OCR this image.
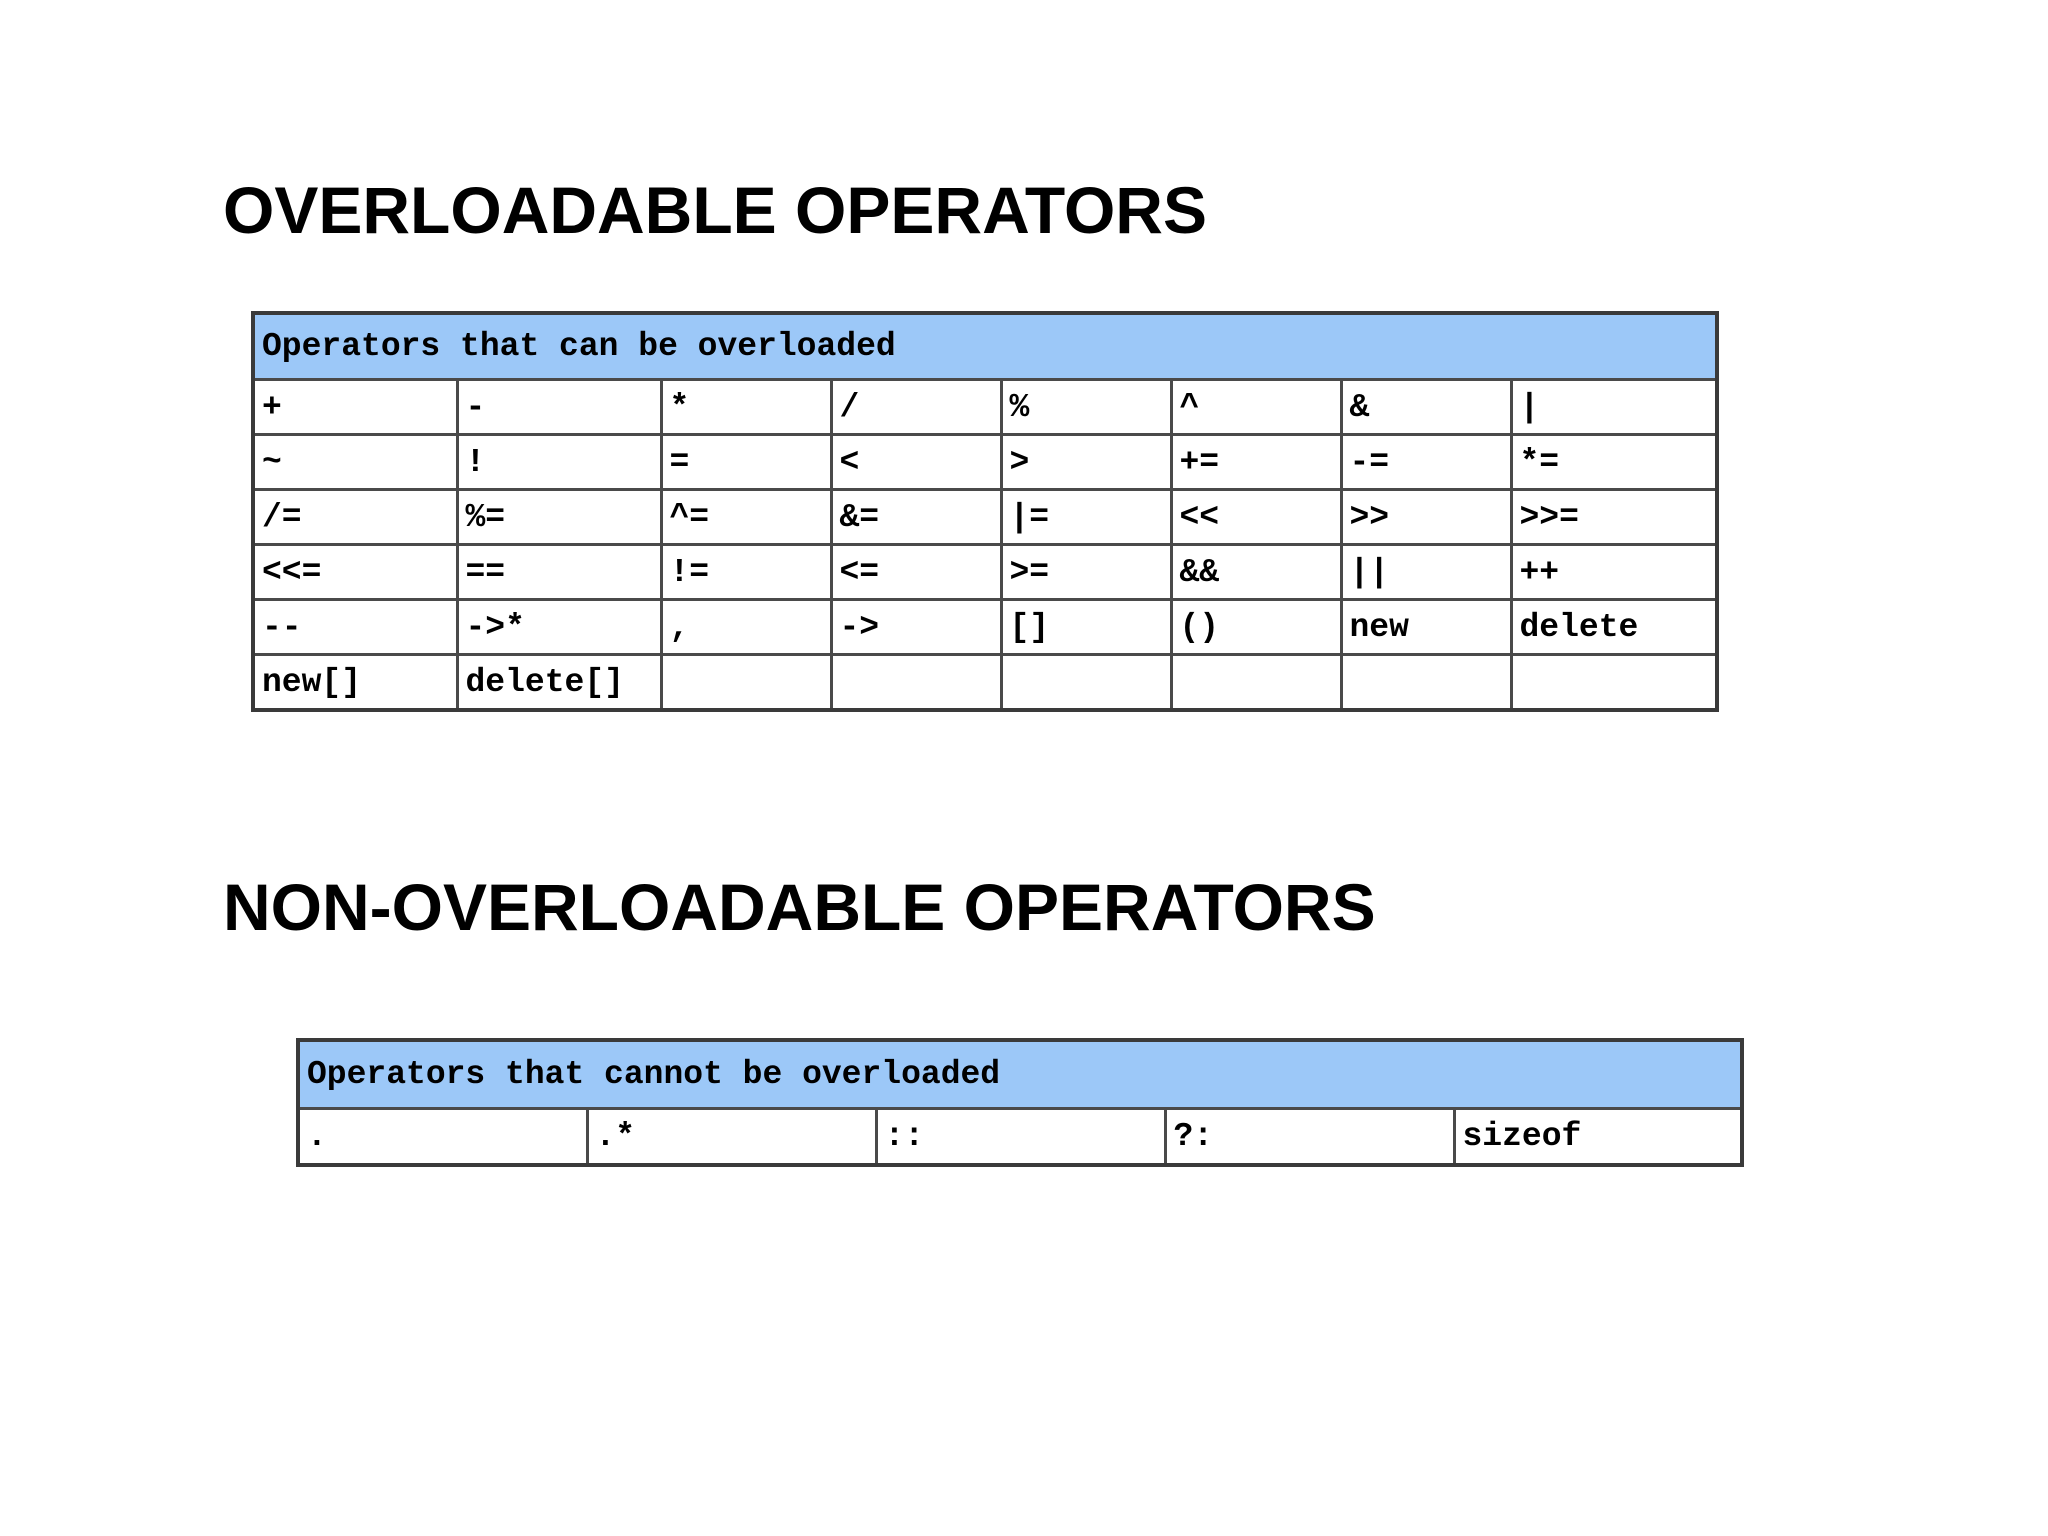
OVERLOADABLE OPERATORS
Operators that can be overloaded							
+	-	*	/	%	^	&	|
~	!	=	<	>	+=	-=	*=
/=	%=	^=	&=	|=	<<	>>	>>=
<<=	==	!=	<=	>=	&&	||	++
--	->*	,	->	[]	()	new	delete
new[]	delete[]						
NON-OVERLOADABLE OPERATORS
Operators that cannot be overloaded
.	.*	::	?:	sizeof
